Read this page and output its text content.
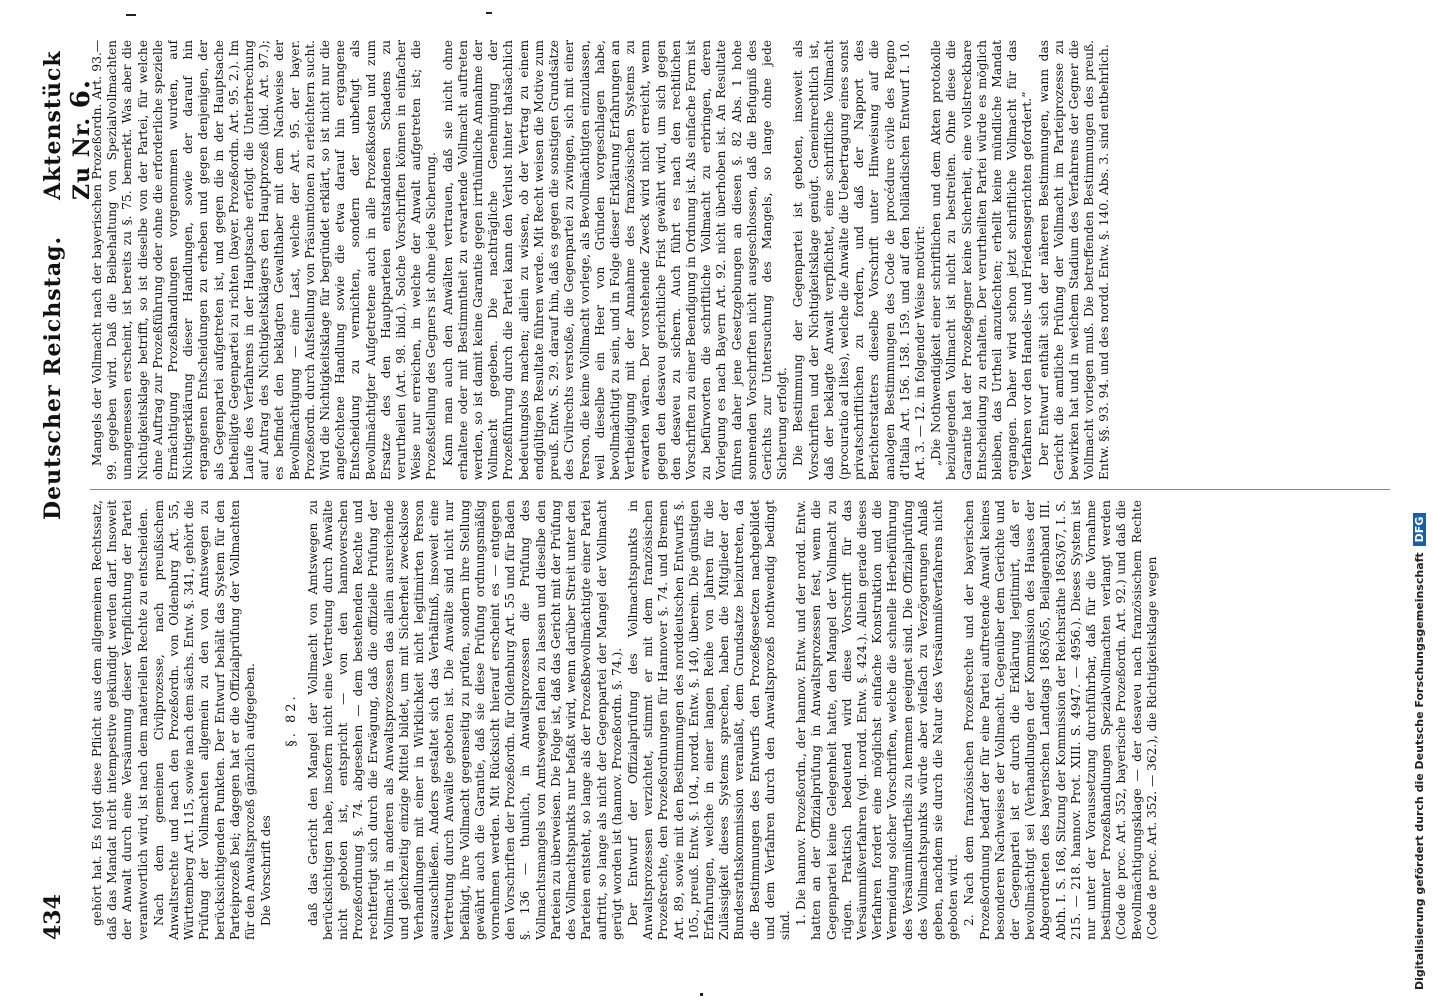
434
Deutscher Reichstag.
Aktenstück Zu Nr. 6.

gehört hat. Es folgt diese Pflicht aus dem allgemeinen Rechtssatz, daß das Mandat nicht intempestive gekündigt werden darf. Insoweit der Anwalt durch eine Versäumung dieser Verpflichtung der Partei verantwortlich wird, ist nach dem materiellen Rechte zu entscheiden. Nach dem gemeinen Civilprozesse, nach preußischem Anwaltsrechte und nach den Prozeßordn. von Oldenburg Art. 55, Württemberg Art. 115, sowie nach dem sächs. Entw. §. 341, gehört die Prüfung der Vollmachten allgemein zu den von Amtswegen zu berücksichtigenden Punkten. Der Entwurf behält das System für den Parteiprozeß bei; dagegen hat er die Offizialprüfung der Vollmachten für den Anwaltsprozeß gänzlich aufgegeben. Die Vorschrift des

§. 82. daß das Gericht den Mangel der Vollmacht von Amtswegen zu berücksichtigen habe, insofern nicht eine Vertretung durch Anwälte nicht geboten ist, entspricht — von den hannoverschen Prozeßordnung §. 74. abgesehen — dem bestehenden Rechte und rechtfertigt sich durch die Erwägung, daß die offizielle Prüfung der Vollmacht in anderen als Anwaltsprozessen das allein ausreichende und gleichzeitig einzige Mittel bildet, um mit Sicherheit zweckslose Verhandlungen mit einer in Wirklichkeit nicht legitimirten Person auszuschließen. Anders gestaltet sich das Verhältniß, insoweit eine Vertretung durch Anwälte geboten ist. Die Anwälte sind nicht nur befähigt, ihre Vollmacht gegenseitig zu prüfen, sondern ihre Stellung gewährt auch die Garantie, daß sie diese Prüfung ordnungsmäßig vornehmen werden. Mit Rücksicht hierauf erscheint es — entgegen den Vorschriften der Prozeßordn. für Oldenburg Art. 55 und für Baden §. 136 — thunlich, in Anwaltsprozessen die Prüfung des Vollmachtsmangels von Amtswegen fallen zu lassen und dieselbe den Parteien zu überweisen. Die Folge ist, daß das Gericht mit der Prüfung des Vollmachtspunkts nur befaßt wird, wenn darüber Streit unter den Parteien entsteht, so lange als der Prozeßbevollmächtigte einer Partei auftritt, so lange als nicht der Gegenpartei der Mangel der Vollmacht gerügt worden ist (hannov. Prozeßordn. §. 74.). Der Entwurf der Offizialprüfung des Vollmachtspunkts in Anwaltsprozessen verzichtet, stimmt er mit dem französischen Prozeßrechte, den Prozeßordnungen für Hannover §. 74. und Bremen Art. 89, sowie mit den Bestimmungen des norddeutschen Entwurfs §. 105., preuß. Entw. §. 104., nordd. Entw. §. 140, überein. Die günstigen Erfahrungen, welche in einer langen Reihe von Jahren für die Zulässigkeit dieses Systems sprechen, haben die Mitglieder der Bundesrathskommission veranlaßt, dem Grundsatze beizutreten, da die Bestimmungen des Entwurfs den Prozeßgesetzen nachgebildet und dem Verfahren durch den Anwaltsprozeß nothwendig bedingt sind. 1. Die hannov. Prozeßordn., der hannov. Entw. und der nordd. Entw. hatten an der Offizialprüfung in Anwaltsprozessen fest, wenn die Gegenpartei keine Gelegenheit hatte, den Mangel der Vollmacht zu rügen. Praktisch bedeutend wird diese Vorschrift für das Versäumnißverfahren (vgl. nordd. Entw. §. 424.). Allein gerade dieses Verfahren fordert eine möglichst einfache Konstruktion und die Vermeidung solcher Vorschriften, welche die schnelle Herbeiführung des Versäumnißurtheils zu hemmen geeignet sind. Die Offizialprüfung des Vollmachtspunkts würde aber vielfach zu Verzögerungen Anlaß geben, nachdem sie durch die Natur des Versäumnißverfahrens nicht geboten wird. 2. Nach dem französischen Prozeßrechte und der bayerischen Prozeßordnung bedarf der für eine Partei auftretende Anwalt keines besonderen Nachweises der Vollmacht. Gegenüber dem Gerichte und der Gegenpartei ist er durch die Erklärung legitimirt, daß er bevollmächtigt sei (Verhandlungen der Kommission des Hauses der Abgeordneten des bayerischen Landtags 1863/65, Beilagenband III. Abth. I. S. 168, Sitzung der Kommission der Reichsräthe 1863/67, I. S. 215. — 218. hannov. Prot. XIII. S. 4947. — 4956.). Dieses System ist nur unter der Voraussetzung durchführbar, daß für die Vornahme bestimmter Prozeßhandlungen Spezialvollmachten verlangt werden (Code de proc. Art. 352, bayerische Prozeßordn. Art. 92.) und daß die Bevollmächtigungsklage — der desaveu nach französischem Rechte (Code de proc. Art. 352. — 362.), die Richtigkeitsklage wegen

Mangels der Vollmacht nach der bayerischen Prozeßordn. Art. 93.—99. gegeben wird. Daß die Beibehaltung von Spezialvollmachten unangemessen erscheint, ist bereits zu §. 75. bemerkt. Was aber die Nichtigkeitsklage betrifft, so ist dieselbe von der Partei, für welche ohne Auftrag zur Prozeßführung oder ohne die erforderliche spezielle Ermächtigung Prozeßhandlungen vorgenommen wurden, auf Nichtigerklärung dieser Handlungen, sowie der darauf hin ergangenen Entscheidungen zu erheben und gegen denjenigen, der als Gegenpartei aufgetreten ist, und gegen die in der Hauptsache betheiligte Gegenpartei zu richten (bayer. Prozeßordn. Art. 95. 2.). Im Laufe des Verfahrens in der Hauptsache erfolgt die Unterbrechung auf Antrag des Nichtigkeitsklägers den Hauptprozeß (ibid. Art. 97.); es befindet den beklagten Gewalthaber mit dem Nachweise der Bevollmächtigung — eine Last, welche der Art. 95. der bayer. Prozeßordn. durch Aufstellung von Präsumtionen zu erleichtern sucht. Wird die Nichtigkeitsklage für begründet erklärt, so ist nicht nur die angefochtene Handlung sowie die etwa darauf hin ergangene Entscheidung zu vernichten, sondern der unbefugt als Bevollmächtigter Aufgetretene auch in alle Prozeßkosten und zum Ersatze des den Hauptparteien entstandenen Schadens zu verurtheilen (Art. 98. ibid.). Solche Vorschriften können in einfacher Weise nur erreichen, in welche der Anwalt aufgetreten ist; die Prozeßstellung des Gegners ist ohne jede Sicherung. Kann man auch den Anwälten vertrauen, daß sie nicht ohne erhaltene oder mit Bestimmtheit zu erwartende Vollmacht auftreten werden, so ist damit keine Garantie gegen irrthümliche Annahme der Vollmacht gegeben. Die nachträgliche Genehmigung der Prozeßführung durch die Partei kann den Verlust hinter thatsächlich bedeutungslos machen; allein zu wissen, ob der Vertrag zu einem endgültigen Resultate führen werde. Mit Recht weisen die Motive zum preuß. Entw. S. 29. darauf hin, daß es gegen die sonstigen Grundsätze des Civilrechts verstoße, die Gegenpartei zu zwingen, sich mit einer Person, die keine Vollmacht vorlege, als Bevollmächtigten einzulassen, weil dieselbe ein Heer von Gründen vorgeschlagen habe, bevollmächtigt zu sein, und in Folge dieser Erklärung Erfahrungen an Vertheidigung mit der Annahme des französischen Systems zu erwarten wären. Der vorstehende Zweck wird nicht erreicht, wenn gegen den desaveu gerichtliche Frist gewährt wird, um sich gegen den desaveu zu sichern. Auch führt es nach den rechtlichen Vorschriften zu einer Beendigung in Ordnung ist. Als einfache Form ist zu befürworten die schriftliche Vollmacht zu erbringen, deren Vorlegung es nach Bayern Art. 92. nicht überhoben ist. An Resultate führen daher jene Gesetzgebungen an diesen §. 82 Abs. 1 hohe sonnenden Vorschriften nicht ausgeschlossen, daß die Befugniß des Gerichts zur Untersuchung des Mangels, so lange ohne jede Sicherung erfolgt. Die Bestimmung der Gegenpartei ist geboten, insoweit als Vorschriften und der Nichtigkeitsklage genügt. Gemeinrechtlich ist, daß der beklagte Anwalt verpflichtet, eine schriftliche Vollmacht (procuratio ad lites), welche die Anwälte die Uebertragung eines sonst privatschriftlichen zu fordern, und daß der Napport des Berichterstatters dieselbe Vorschrift unter Hinweisung auf die analogen Bestimmungen des Code de procédure civile des Regno d'Italia Art. 156. 158. 159. und auf den holländischen Entwurf I. 10. Art. 3. — 12. in folgender Weise motivirt: „Die Nothwendigkeit einer schriftlichen und dem Akten protokolle beizulegenden Vollmacht ist nicht zu bestreiten. Ohne diese die Garantie hat der Prozeßgegner keine Sicherheit, eine vollstreckbare Entscheidung zu erhalten. Der verurtheilten Partei würde es möglich bleiben, das Urtheil anzufechten; erhellt keine mündliche Mandat ergangen. Daher wird schon jetzt schriftliche Vollmacht für das Verfahren vor den Handels- und Friedensgerichten gefordert.“ Der Entwurf enthält sich der näheren Bestimmungen, wann das Gericht die amtliche Prüfung der Vollmacht im Parteiprozesse zu bewirken hat und in welchem Stadium des Verfahrens der Gegner die Vollmacht vorlegen muß. Die betreffenden Bestimmungen des preuß. Entw. §§. 93. 94. und des nordd. Entw. §. 140. Abs. 3. sind entbehrlich.

Digitalisierung gefördert durch die Deutsche ForschungsgemeinschaftDFG
